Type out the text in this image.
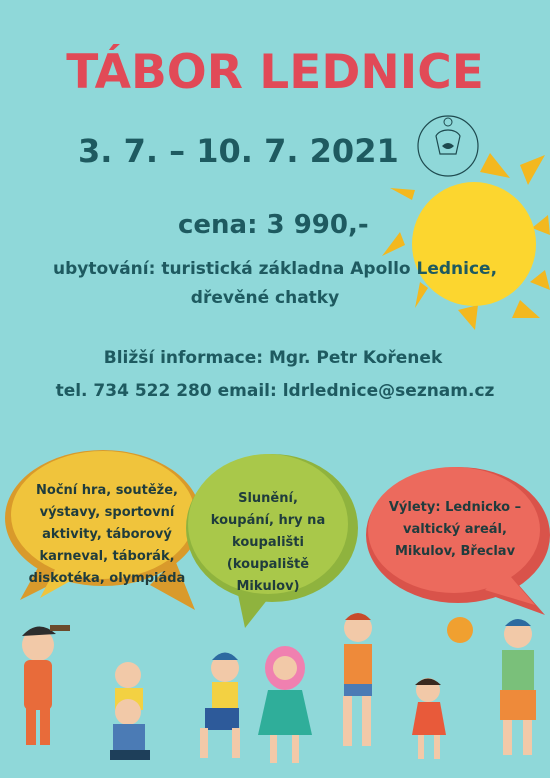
TÁBOR LEDNICE
3. 7. – 10. 7. 2021
cena: 3 990,-
ubytování: turistická základna Apollo Lednice,
dřevěné chatky
Bližší informace: Mgr. Petr Kořenek
tel. 734 522 280 email: ldrlednice@seznam.cz
Noční hra, soutěže,
výstavy, sportovní
aktivity, táborový
karneval, táborák,
diskotéka, olympiáda
Slunění,
koupání, hry na
koupališti
(koupaliště Mikulov)
Výlety: Lednicko –
valtický areál,
Mikulov, Břeclav
